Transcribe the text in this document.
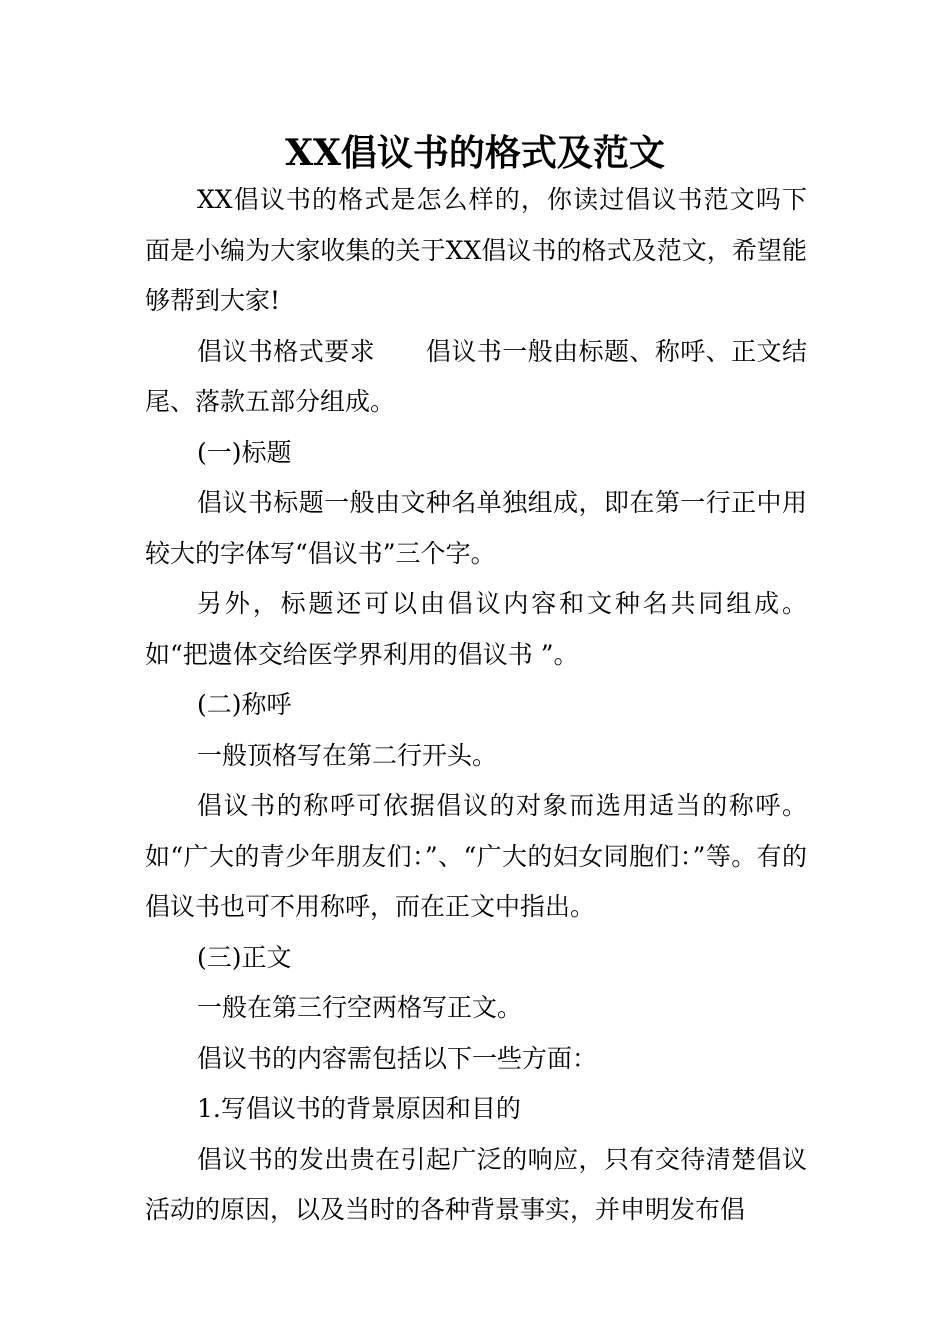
XX倡议书的格式及范文

XX倡议书的格式是怎么样的，你读过倡议书范文吗下面是小编为大家收集的关于XX倡议书的格式及范文，希望能够帮到大家!

倡议书格式要求　　倡议书一般由标题、称呼、正文结尾、落款五部分组成。

(一)标题

倡议书标题一般由文种名单独组成，即在第一行正中用较大的字体写“倡议书”三个字。

另外，标题还可以由倡议内容和文种名共同组成。如“把遗体交给医学界利用的倡议书 ”。

(二)称呼

一般顶格写在第二行开头。

倡议书的称呼可依据倡议的对象而选用适当的称呼。如“广大的青少年朋友们：”、“广大的妇女同胞们：”等。有的倡议书也可不用称呼，而在正文中指出。

(三)正文

一般在第三行空两格写正文。

倡议书的内容需包括以下一些方面：

1.写倡议书的背景原因和目的

倡议书的发出贵在引起广泛的响应，只有交待清楚倡议活动的原因，以及当时的各种背景事实，并申明发布倡
